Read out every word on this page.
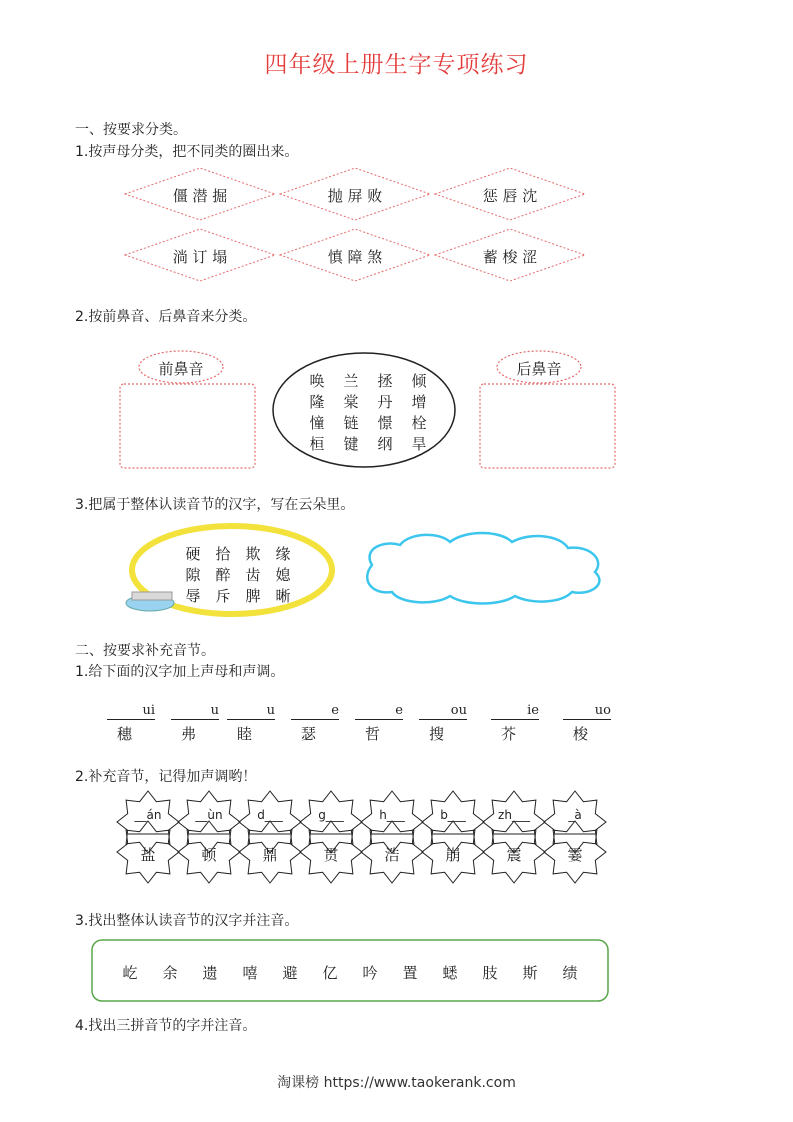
四年级上册生字专项练习
一、按要求分类。
1.按声母分类，把不同类的圈出来。
僵 潜 掘	抛 屏 败	惩 唇 沈
淌 订 塌	慎 障 煞	蓄 梭 涩
2.按前鼻音、后鼻音来分类。
前鼻音	后鼻音
唤	兰	拯	倾
隆	棠	丹	增
憧	链	憬	栓
桓	键	纲	旱
3.把属于整体认读音节的汉字，写在云朵里。
硬 拾 欺 缘
隙 醉 齿 媳
辱 斥 脾 晰
二、按要求补充音节。
1.给下面的汉字加上声母和声调。
ui
穗
u
弗
u
睦
e
瑟
e
哲
ou
搜
ie
芥
uo
梭
2.补充音节，记得加声调哟！
__án
盐
__ùn
顿
d___
鼎
g___
贯
h___
浩
b___
崩
zh___
震
_à
霎
3.找出整体认读音节的汉字并注音。
屹	余	遗	嘻	避	亿	吟	置	蟋	肢	斯	绩
4.找出三拼音节的字并注音。
淘课榜 https://www.taokerank.com
